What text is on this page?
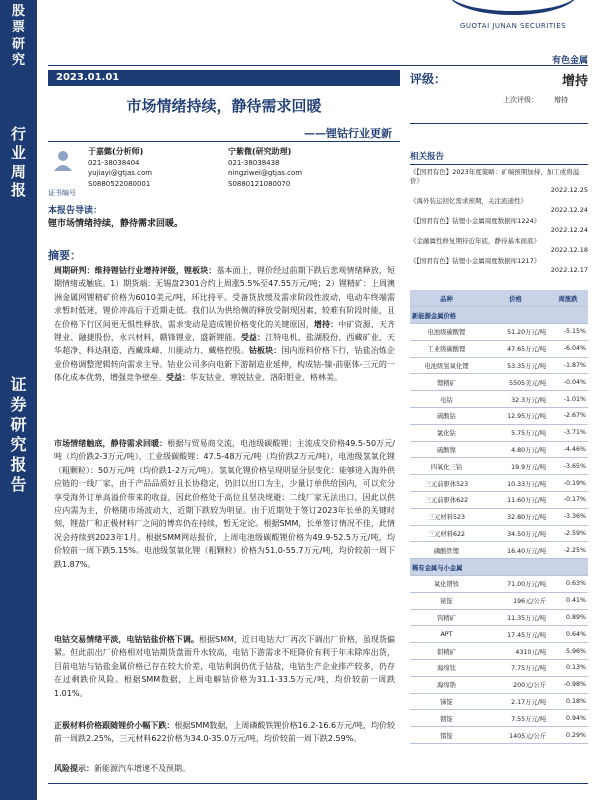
股
票
研
究
行
业
周
报
证
券
研
究
报
告
GUOTAI JUNAN SECURITIES
有色金属
2023.01.01
市场情绪持续，静待需求回暖
——锂钴行业更新
于嘉懿(分析师)
021-38038404
yujiayi@gtjas.com
S0880522080001
宁紫微(研究助理)
021-38038438
ningziwei@gtjas.com
S0880121080070
证书编号
本报告导读：
锂市场情绪持续，静待需求回暖。
摘要：
周期研判：维持锂钴行业增持评级，锂板块：基本面上，锂价经过前期下跌后悲观情绪释放，短期情绪或触底。1）期货端：无锡盘2301合约上周涨5.5%至47.55万元/吨；2）锂精矿：上周澳洲金属网锂精矿价格为6010美元/吨，环比持平。受备货放缓及需求阶段性波动，电动车终端需求暂时低迷，锂价冲高后于近期走低。我们认为供给侧的释放受制现因素，较难有阶段时能，且在价格下行区间更无惧性释放。需求变动是造成锂价格变化的关键原因，增持：中矿资源、天齐锂业、融捷股份，永兴材料，赣锋锂业，盛新锂能。受益：江特电机、盐湖股份、西藏矿业、天华超净、科达制造、西藏珠峰、川能动力、藏格控股。钴板块：国内原料价格下行，钴盐冶炼企业价格调整逻辑转向需求主导。钴业公司多向电新下游制造业延伸，构成钴-镍-前驱体-三元的一体化成本优势，增强竞争壁垒。受益：华友钴业、寒锐钴业、洛阳钼业、格林美。
市场情绪触底，静待需求回暖：根据与贸易商交流，电池级碳酸锂：主流成交价格49.5-50万元/吨（均价跌2-3万元/吨），工业级碳酸锂：47.5-48万元/吨（均价跌2万元/吨），电池级氢氧化锂（粗颗粒）：50万元/吨（均价跌1-2万元/吨）。氢氧化锂价格呈现明显分层变化：能够进入海外供应链的一线厂家，由于产品品质好且长协稳定，仍旧以出口为主，少量订单供给国内，可以充分享受海外订单高溢价带来的收益，因此价格处于高位且坚决规避；二线厂家无法出口，因此以供应内需为主，价格随市场波动大，近期下跌较为明显。由于近期处于签订2023年长单的关键时刻，锂盐厂和正极材料厂之间的博弈仍在持续，暂无定论。根据SMM，长单签订情况不佳，此情况会持续到2023年1月。根据SMM网站报价，上周电池级碳酸锂价格为49.9-52.5万元/吨，均价较前一周下跌5.15%。电池级氢氧化锂（粗颗粒）价格为51.0-55.7万元/吨，均价较前一周下跌1.87%。
电钴交易情绪平淡，电钴钴盐价格下调。根据SMM，近日电钴大厂再次下调出厂价格，虽现货偏紧。但此前出厂价格相对电钴期货盘面升水较高，电钴下游需求不旺降价有利于年末除库出货，目前电钴与钴盐金属价格已存在较大价差，电钴利润仍优于钴盐，电钴生产企业排产较多，仍存在过剩跌价风险。根据SMM数据，上周电解钴价格为31.1-33.5万元/吨，均价较前一周跌1.01%。
正极材料价格跟随锂价小幅下跌：根据SMM数据，上周磷酸铁锂价格16.2-16.6万元/吨，均价较前一周跌2.25%，三元材料622价格为34.0-35.0万元/吨，均价较前一周下跌2.59%。
风险提示：新能源汽车增速不及预期。
评级：	增持
上次评级： 增持
相关报告
《【国君有色】2023年度策略：矿端预期加持，加工或将溢价》
2022.12.25
《海外装运回忆需求预期，关注流通性》
2022.12.24
《【国君有色】钴锂小金属周度数据库1224》
2022.12.24
《金融属性修复期待近年底，静待基本面底》
2022.12.18
《【国君有色】钴锂小金属周度数据库1217》
2022.12.17
品种	价格	周涨跌
新能源金属价格		
电池级碳酸锂	51.20万元/吨	-5.15%
工业级碳酸锂	47.65万元/吨	-6.04%
电池级氢氧化锂	53.35万元/吨	-1.87%
锂精矿	5505美元/吨	-0.04%
电钴	32.3万元/吨	-1.01%
硫酸钴	12.95万元/吨	-2.67%
氯化钴	5.75万元/吨	-3.71%
硫酸镍	4.80万元/吨	-4.46%
四氧化三钴	19.9万元/吨	-3.65%
三元前驱体523	10.33万元/吨	-0.19%
三元前驱体622	11.60万元/吨	-0.17%
三元材料523	32.80万元/吨	-3.36%
三元材料622	34.50万元/吨	-2.59%
磷酸铁锂	16.40万元/吨	-2.25%
稀有金属与小金属		
氧化镨钕	71.00万元/吨	0.63%
铋锭	196元/公斤	0.41%
钨精矿	11.35万元/吨	0.89%
APT	17.45万元/吨	0.64%
钼精矿	4310元/吨	5.96%
海绵钛	7.75万元/吨	0.13%
海绵锆	200元/公斤	-0.98%
锑锭	2.17万元/吨	0.18%
铟锭	7.55万元/吨	0.94%
锗锭	1405元/公斤	0.29%
